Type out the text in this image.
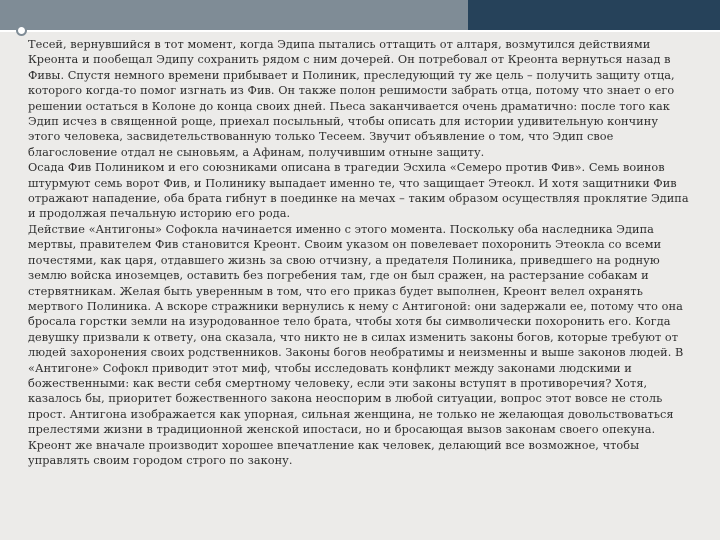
Тесей, вернувшийся в тот момент, когда Эдипа пытались оттащить от алтаря, возмутился действиями Креонта и пообещал Эдипу сохранить рядом с ним дочерей. Он потребовал от Креонта вернуться назад в Фивы. Спустя немного времени прибывает и Полиник, преследующий ту же цель – получить защиту отца, которого когда-то помог изгнать из Фив. Он также полон решимости забрать отца, потому что знает о его решении остаться в Колоне до конца своих дней. Пьеса заканчивается очень драматично: после того как Эдип исчез в священной роще, приехал посыльный, чтобы описать для истории удивительную кончину этого человека, засвидетельствованную только Тесеем. Звучит объявление о том, что Эдип свое благословение отдал не сыновьям, а Афинам, получившим отныне защиту.

Осада Фив Полиником и его союзниками описана в трагедии Эсхила «Семеро против Фив». Семь воинов штурмуют семь ворот Фив, и Полинику выпадает именно те, что защищает Этеокл. И хотя защитники Фив отражают нападение, оба брата гибнут в поединке на мечах – таким образом осуществляя проклятие Эдипа и продолжая печальную историю его рода.

Действие «Антигоны» Софокла начинается именно с этого момента. Поскольку оба наследника Эдипа мертвы, правителем Фив становится Креонт. Своим указом он повелевает похоронить Этеокла со всеми почестями, как царя, отдавшего жизнь за свою отчизну, а предателя Полиника, приведшего на родную землю войска иноземцев, оставить без погребения там, где он был сражен, на растерзание собакам и стервятникам. Желая быть уверенным в том, что его приказ будет выполнен, Креонт велел охранять мертвого Полиника. А вскоре стражники вернулись к нему с Антигоной: они задержали ее, потому что она бросала горстки земли на изуродованное тело брата, чтобы хотя бы символически похоронить его. Когда девушку призвали к ответу, она сказала, что никто не в силах изменить законы богов, которые требуют от людей захоронения своих родственников. Законы богов необратимы и неизменны и выше законов людей. В «Антигоне» Софокл приводит этот миф, чтобы исследовать конфликт между законами людскими и божественными: как вести себя смертному человеку, если эти законы вступят в противоречия? Хотя, казалось бы, приоритет божественного закона неоспорим в любой ситуации, вопрос этот вовсе не столь прост. Антигона изображается как упорная, сильная женщина, не только не желающая довольствоваться прелестями жизни в традиционной женской ипостаси, но и бросающая вызов законам своего опекуна. Креонт же вначале производит хорошее впечатление как человек, делающий все возможное, чтобы управлять своим городом строго по закону.
